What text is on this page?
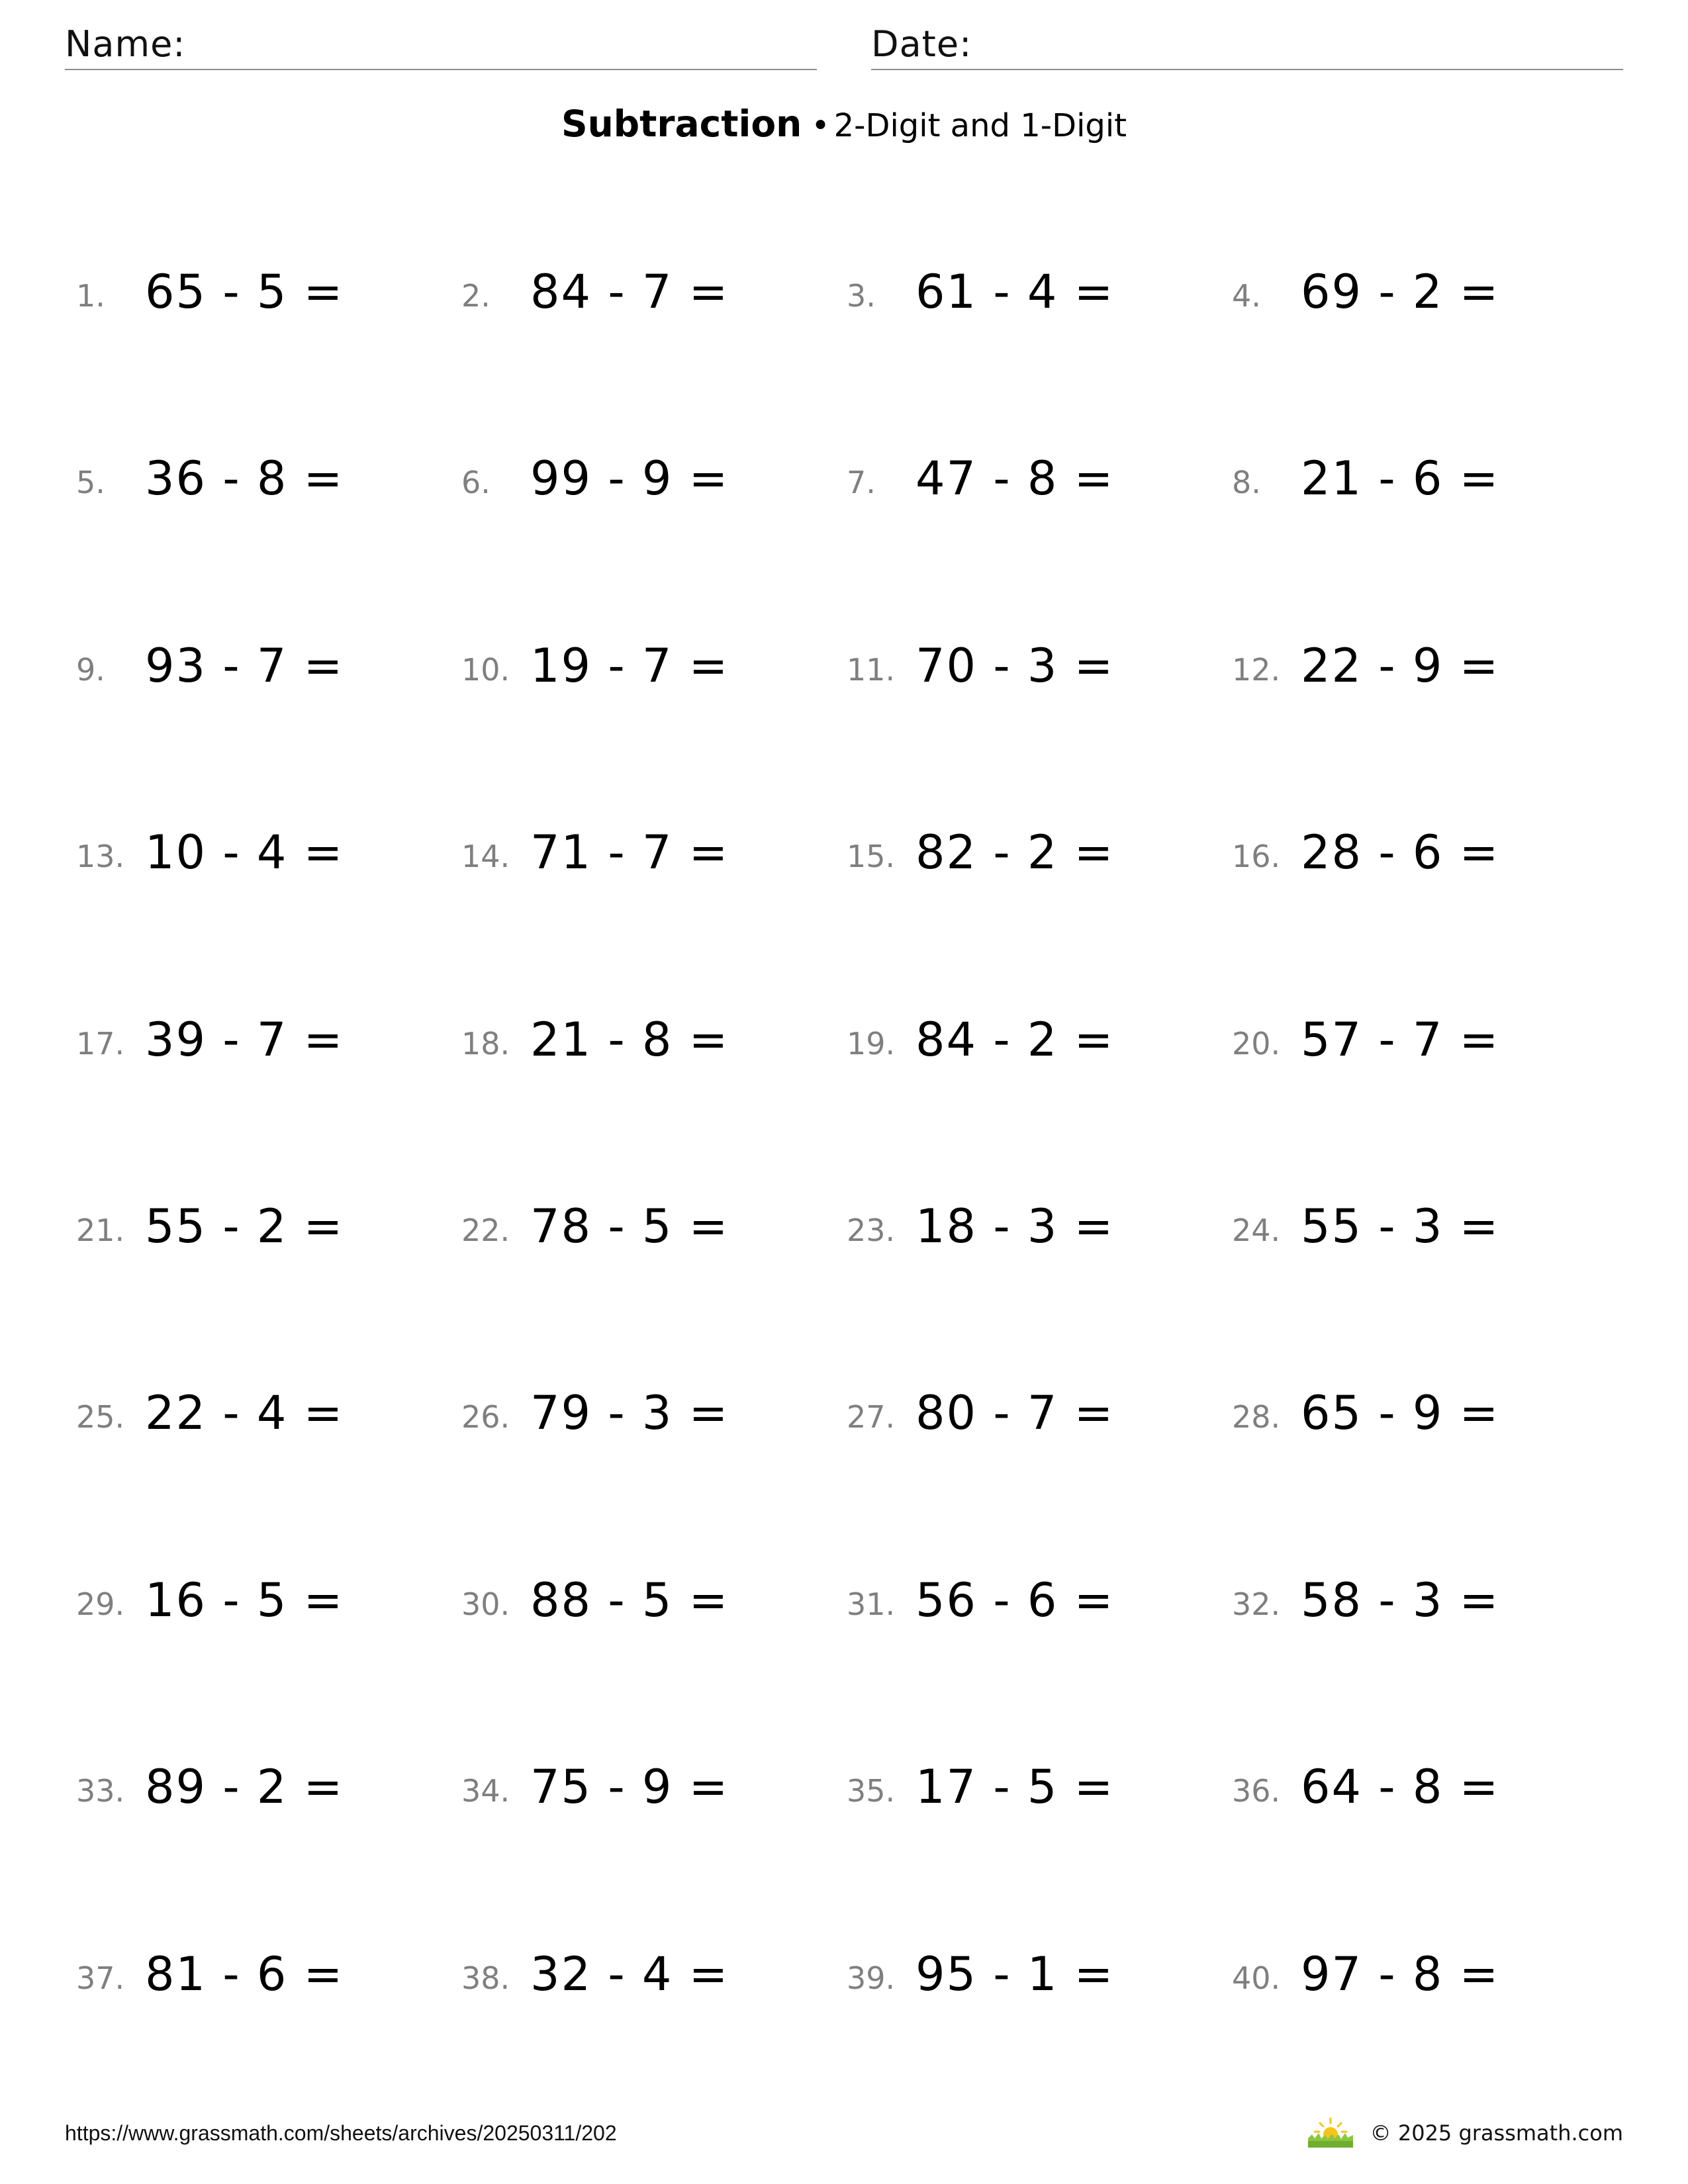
Name:	Date:
Subtraction • 2-Digit and 1-Digit
1. 65 - 5 =	2. 84 - 7 =	3. 61 - 4 =	4. 69 - 2 =
5. 36 - 8 =	6. 99 - 9 =	7. 47 - 8 =	8. 21 - 6 =
9. 93 - 7 =	10. 19 - 7 =	11. 70 - 3 =	12. 22 - 9 =
13. 10 - 4 =	14. 71 - 7 =	15. 82 - 2 =	16. 28 - 6 =
17. 39 - 7 =	18. 21 - 8 =	19. 84 - 2 =	20. 57 - 7 =
21. 55 - 2 =	22. 78 - 5 =	23. 18 - 3 =	24. 55 - 3 =
25. 22 - 4 =	26. 79 - 3 =	27. 80 - 7 =	28. 65 - 9 =
29. 16 - 5 =	30. 88 - 5 =	31. 56 - 6 =	32. 58 - 3 =
33. 89 - 2 =	34. 75 - 9 =	35. 17 - 5 =	36. 64 - 8 =
37. 81 - 6 =	38. 32 - 4 =	39. 95 - 1 =	40. 97 - 8 =
https://www.grassmath.com/sheets/archives/20250311/202	© 2025 grassmath.com
